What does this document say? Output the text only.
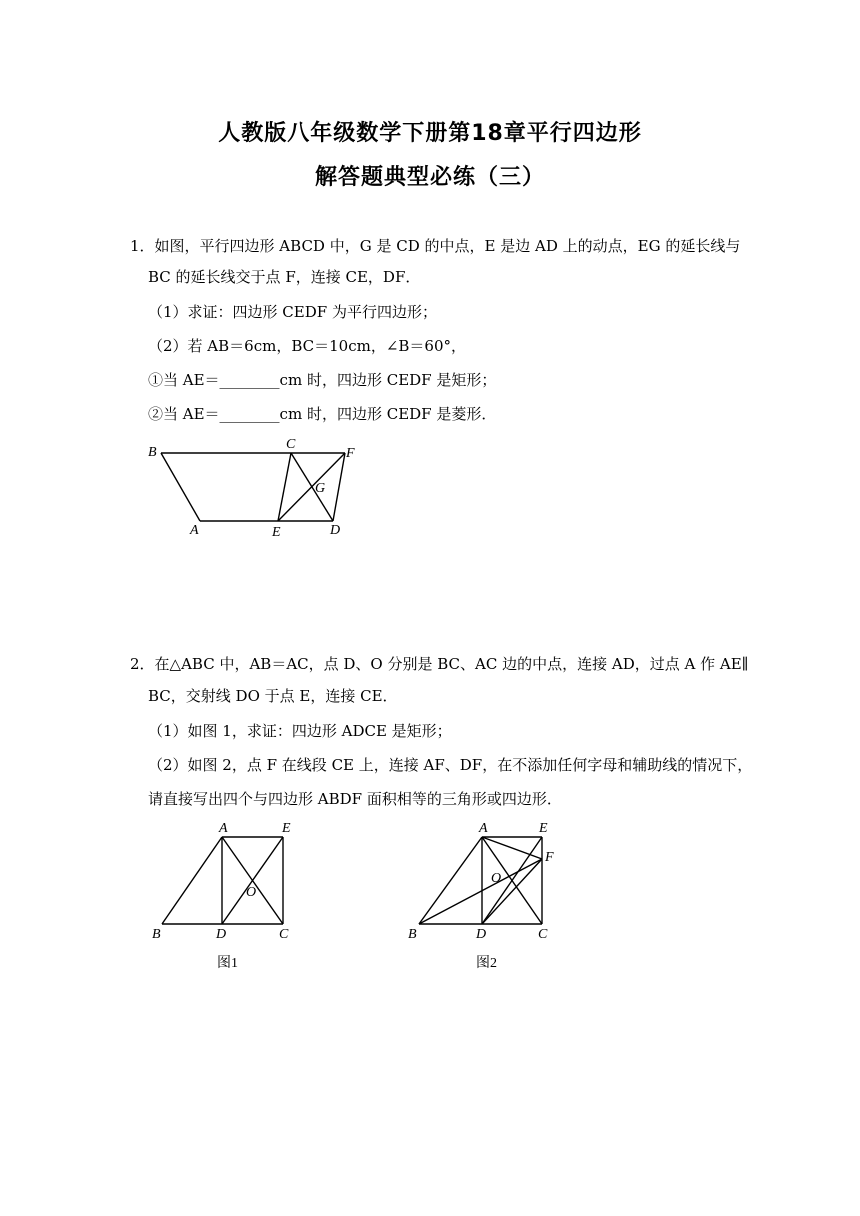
人教版八年级数学下册第18章平行四边形
解答题典型必练（三）
1．如图，平行四边形 ABCD 中，G 是 CD 的中点，E 是边 AD 上的动点，EG 的延长线与
BC 的延长线交于点 F，连接 CE，DF．
（1）求证：四边形 CEDF 为平行四边形；
（2）若 AB＝6cm，BC＝10cm，∠B＝60°，
①当 AE＝________cm 时，四边形 CEDF 是矩形；
②当 AE＝________cm 时，四边形 CEDF 是菱形．
B
C
F
G
A	E	D
2．在△ABC 中，AB＝AC，点 D、O 分别是 BC、AC 边的中点，连接 AD，过点 A 作 AE∥
BC，交射线 DO 于点 E，连接 CE．
（1）如图 1，求证：四边形 ADCE 是矩形；
（2）如图 2，点 F 在线段 CE 上，连接 AF、DF，在不添加任何字母和辅助线的情况下，
请直接写出四个与四边形 ABDF 面积相等的三角形或四边形．
A	E
O
B	D	C
图1
A	E
F
O
B	D	C
图2
